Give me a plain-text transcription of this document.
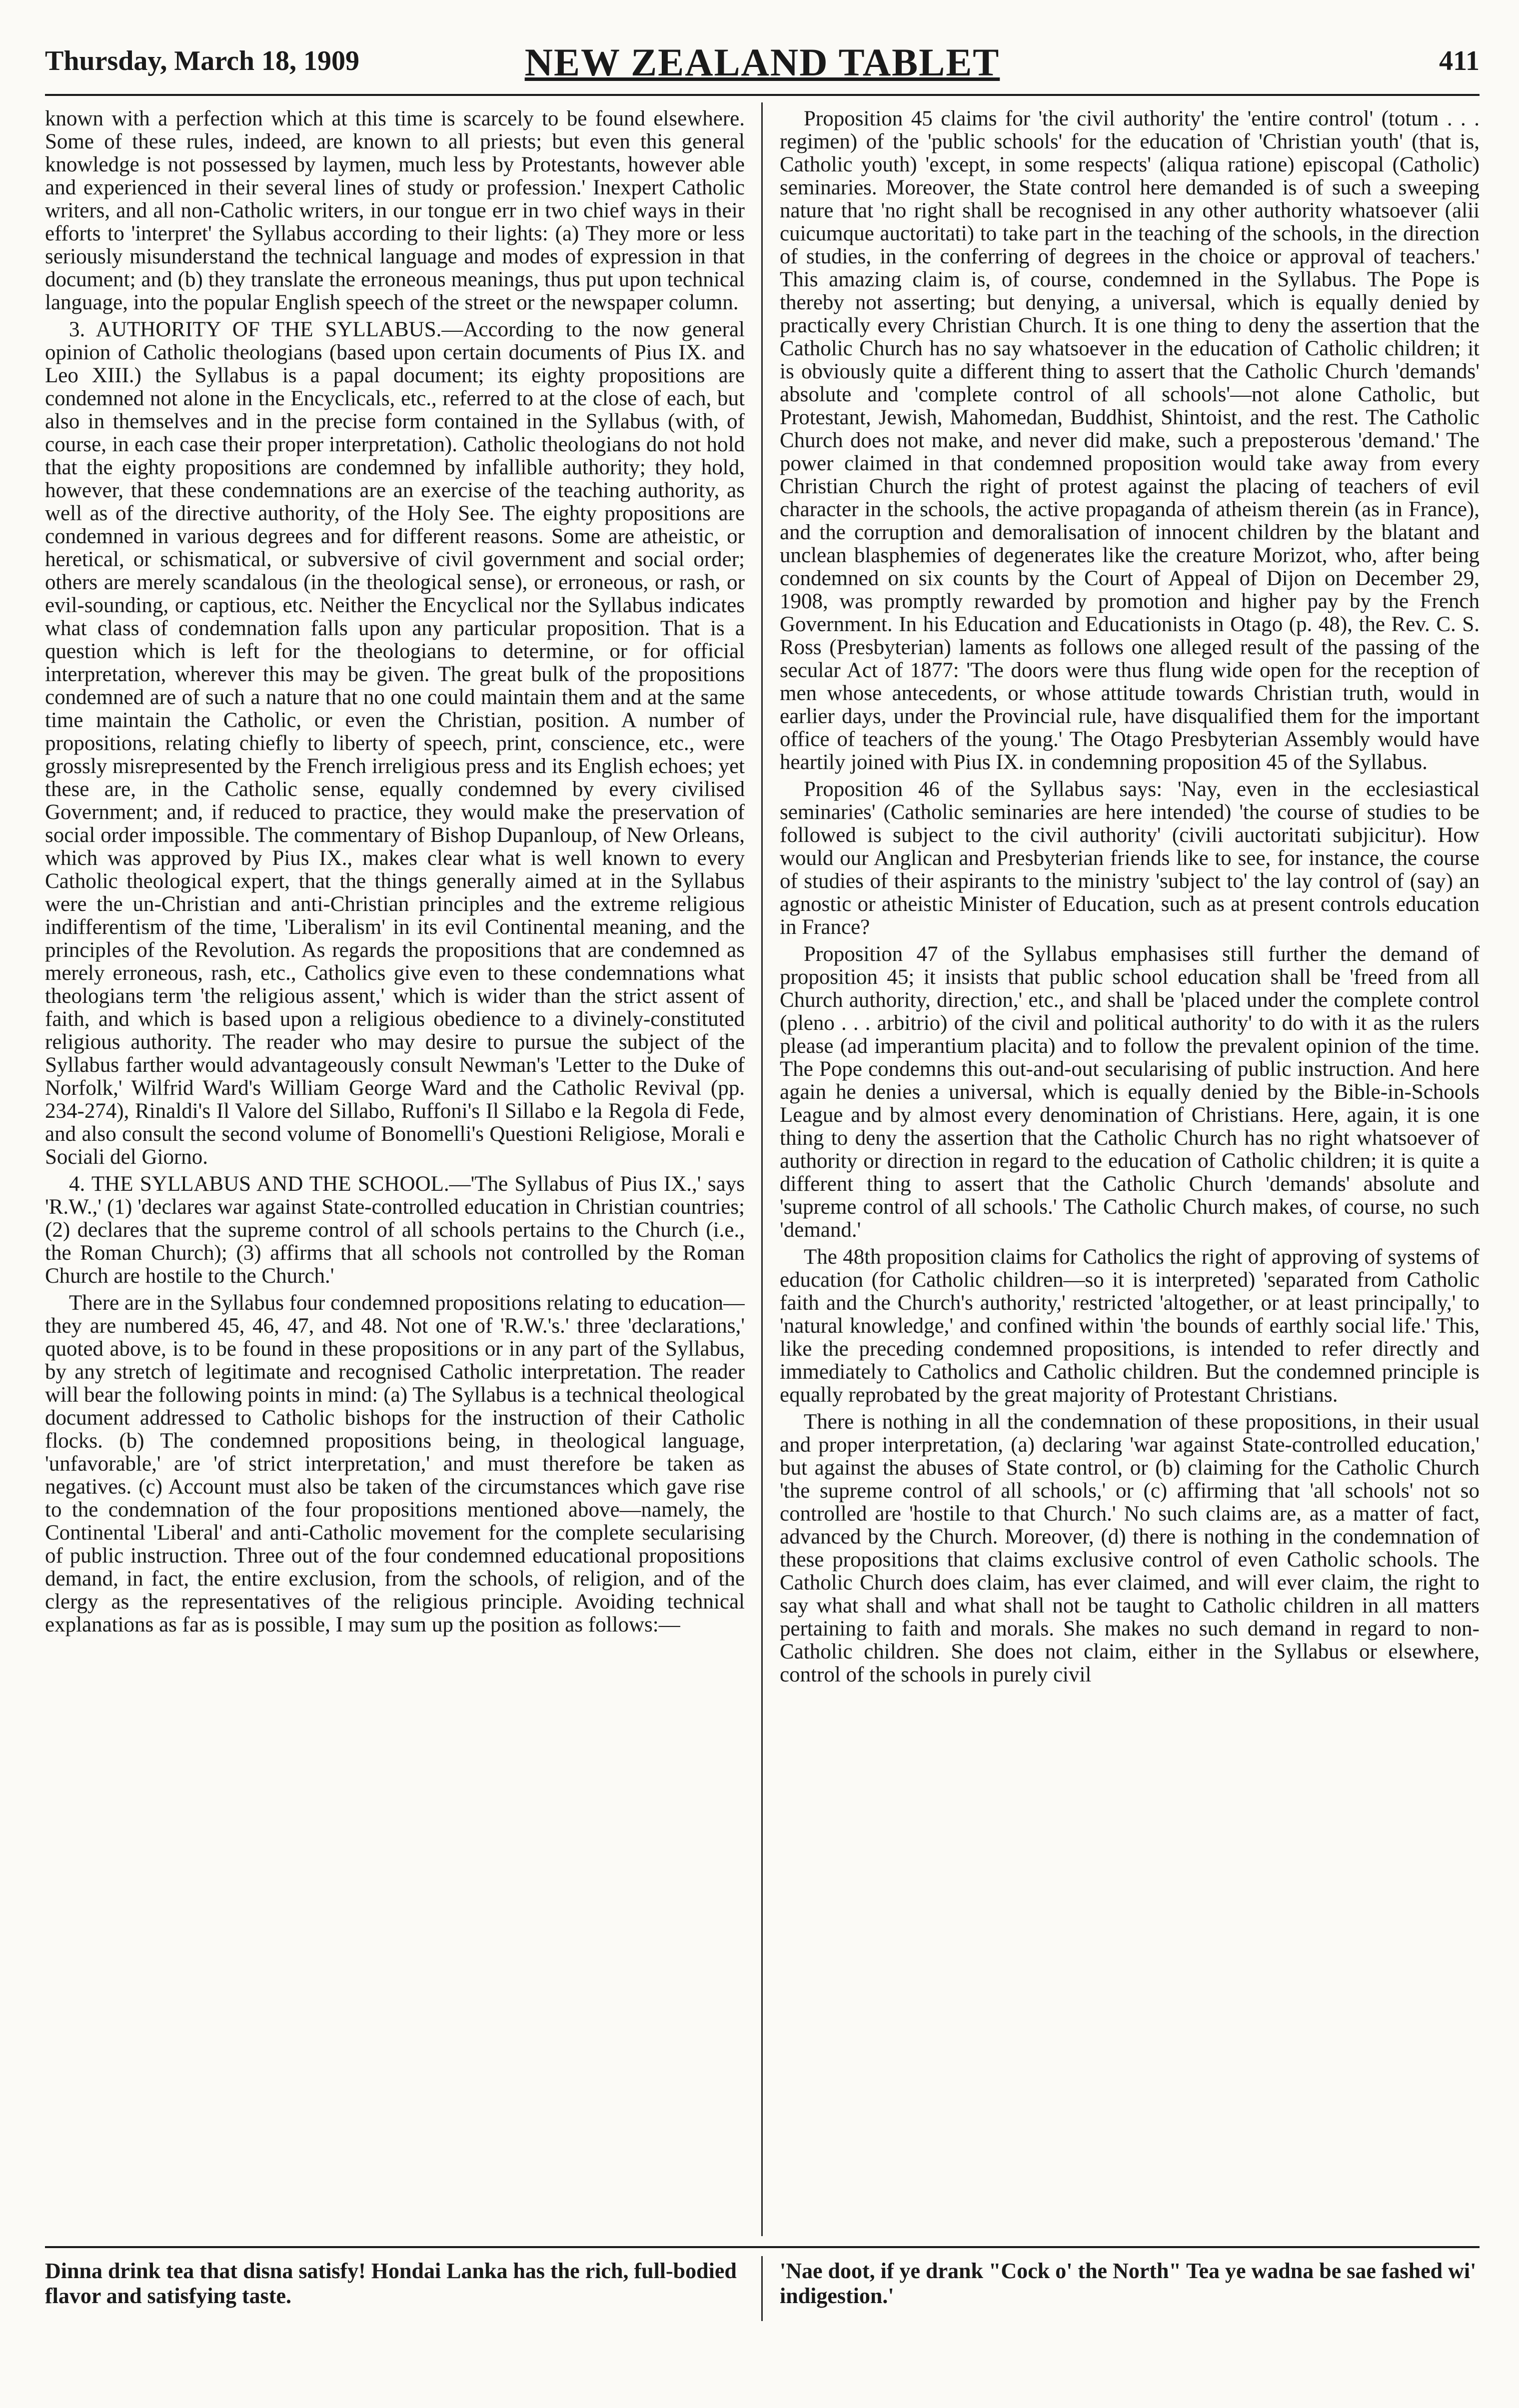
Thursday, March 18, 1909	NEW ZEALAND TABLET	411

known with a perfection which at this time is scarcely to be found elsewhere. Some of these rules, indeed, are known to all priests; but even this general knowledge is not possessed by laymen, much less by Protestants, however able and experienced in their several lines of study or profession.' Inexpert Catholic writers, and all non-Catholic writers, in our tongue err in two chief ways in their efforts to 'interpret' the Syllabus according to their lights: (a) They more or less seriously misunderstand the technical language and modes of expression in that document; and (b) they translate the erroneous meanings, thus put upon technical language, into the popular English speech of the street or the newspaper column.

3. AUTHORITY OF THE SYLLABUS.—According to the now general opinion of Catholic theologians (based upon certain documents of Pius IX. and Leo XIII.) the Syllabus is a papal document; its eighty propositions are condemned not alone in the Encyclicals, etc., referred to at the close of each, but also in themselves and in the precise form contained in the Syllabus (with, of course, in each case their proper interpretation). Catholic theologians do not hold that the eighty propositions are condemned by infallible authority; they hold, however, that these condemnations are an exercise of the teaching authority, as well as of the directive authority, of the Holy See. The eighty propositions are condemned in various degrees and for different reasons. Some are atheistic, or heretical, or schismatical, or subversive of civil government and social order; others are merely scandalous (in the theological sense), or erroneous, or rash, or evil-sounding, or captious, etc. Neither the Encyclical nor the Syllabus indicates what class of condemnation falls upon any particular proposition. That is a question which is left for the theologians to determine, or for official interpretation, wherever this may be given. The great bulk of the propositions condemned are of such a nature that no one could maintain them and at the same time maintain the Catholic, or even the Christian, position. A number of propositions, relating chiefly to liberty of speech, print, conscience, etc., were grossly misrepresented by the French irreligious press and its English echoes; yet these are, in the Catholic sense, equally condemned by every civilised Government; and, if reduced to practice, they would make the preservation of social order impossible. The commentary of Bishop Dupanloup, of New Orleans, which was approved by Pius IX., makes clear what is well known to every Catholic theological expert, that the things generally aimed at in the Syllabus were the un-Christian and anti-Christian principles and the extreme religious indifferentism of the time, 'Liberalism' in its evil Continental meaning, and the principles of the Revolution. As regards the propositions that are condemned as merely erroneous, rash, etc., Catholics give even to these condemnations what theologians term 'the religious assent,' which is wider than the strict assent of faith, and which is based upon a religious obedience to a divinely-constituted religious authority. The reader who may desire to pursue the subject of the Syllabus farther would advantageously consult Newman's 'Letter to the Duke of Norfolk,' Wilfrid Ward's William George Ward and the Catholic Revival (pp. 234-274), Rinaldi's Il Valore del Sillabo, Ruffoni's Il Sillabo e la Regola di Fede, and also consult the second volume of Bonomelli's Questioni Religiose, Morali e Sociali del Giorno.

4. THE SYLLABUS AND THE SCHOOL.—'The Syllabus of Pius IX.,' says 'R.W.,' (1) 'declares war against State-controlled education in Christian countries; (2) declares that the supreme control of all schools pertains to the Church (i.e., the Roman Church); (3) affirms that all schools not controlled by the Roman Church are hostile to the Church.'

There are in the Syllabus four condemned propositions relating to education—they are numbered 45, 46, 47, and 48. Not one of 'R.W.'s.' three 'declarations,' quoted above, is to be found in these propositions or in any part of the Syllabus, by any stretch of legitimate and recognised Catholic interpretation. The reader will bear the following points in mind: (a) The Syllabus is a technical theological document addressed to Catholic bishops for the instruction of their Catholic flocks. (b) The condemned propositions being, in theological language, 'unfavorable,' are 'of strict interpretation,' and must therefore be taken as negatives. (c) Account must also be taken of the circumstances which gave rise to the condemnation of the four propositions mentioned above—namely, the Continental 'Liberal' and anti-Catholic movement for the complete secularising of public instruction. Three out of the four condemned educational propositions demand, in fact, the entire exclusion, from the schools, of religion, and of the clergy as the representatives of the religious principle. Avoiding technical explanations as far as is possible, I may sum up the position as follows:—

Proposition 45 claims for 'the civil authority' the 'entire control' (totum . . . regimen) of the 'public schools' for the education of 'Christian youth' (that is, Catholic youth) 'except, in some respects' (aliqua ratione) episcopal (Catholic) seminaries. Moreover, the State control here demanded is of such a sweeping nature that 'no right shall be recognised in any other authority whatsoever (alii cuicumque auctoritati) to take part in the teaching of the schools, in the direction of studies, in the conferring of degrees in the choice or approval of teachers.' This amazing claim is, of course, condemned in the Syllabus. The Pope is thereby not asserting; but denying, a universal, which is equally denied by practically every Christian Church. It is one thing to deny the assertion that the Catholic Church has no say whatsoever in the education of Catholic children; it is obviously quite a different thing to assert that the Catholic Church 'demands' absolute and 'complete control of all schools'—not alone Catholic, but Protestant, Jewish, Mahomedan, Buddhist, Shintoist, and the rest. The Catholic Church does not make, and never did make, such a preposterous 'demand.' The power claimed in that condemned proposition would take away from every Christian Church the right of protest against the placing of teachers of evil character in the schools, the active propaganda of atheism therein (as in France), and the corruption and demoralisation of innocent children by the blatant and unclean blasphemies of degenerates like the creature Morizot, who, after being condemned on six counts by the Court of Appeal of Dijon on December 29, 1908, was promptly rewarded by promotion and higher pay by the French Government. In his Education and Educationists in Otago (p. 48), the Rev. C. S. Ross (Presbyterian) laments as follows one alleged result of the passing of the secular Act of 1877: 'The doors were thus flung wide open for the reception of men whose antecedents, or whose attitude towards Christian truth, would in earlier days, under the Provincial rule, have disqualified them for the important office of teachers of the young.' The Otago Presbyterian Assembly would have heartily joined with Pius IX. in condemning proposition 45 of the Syllabus.

Proposition 46 of the Syllabus says: 'Nay, even in the ecclesiastical seminaries' (Catholic seminaries are here intended) 'the course of studies to be followed is subject to the civil authority' (civili auctoritati subjicitur). How would our Anglican and Presbyterian friends like to see, for instance, the course of studies of their aspirants to the ministry 'subject to' the lay control of (say) an agnostic or atheistic Minister of Education, such as at present controls education in France?

Proposition 47 of the Syllabus emphasises still further the demand of proposition 45; it insists that public school education shall be 'freed from all Church authority, direction,' etc., and shall be 'placed under the complete control (pleno . . . arbitrio) of the civil and political authority' to do with it as the rulers please (ad imperantium placita) and to follow the prevalent opinion of the time. The Pope condemns this out-and-out secularising of public instruction. And here again he denies a universal, which is equally denied by the Bible-in-Schools League and by almost every denomination of Christians. Here, again, it is one thing to deny the assertion that the Catholic Church has no right whatsoever of authority or direction in regard to the education of Catholic children; it is quite a different thing to assert that the Catholic Church 'demands' absolute and 'supreme control of all schools.' The Catholic Church makes, of course, no such 'demand.'

The 48th proposition claims for Catholics the right of approving of systems of education (for Catholic children—so it is interpreted) 'separated from Catholic faith and the Church's authority,' restricted 'altogether, or at least principally,' to 'natural knowledge,' and confined within 'the bounds of earthly social life.' This, like the preceding condemned propositions, is intended to refer directly and immediately to Catholics and Catholic children. But the condemned principle is equally reprobated by the great majority of Protestant Christians.

There is nothing in all the condemnation of these propositions, in their usual and proper interpretation, (a) declaring 'war against State-controlled education,' but against the abuses of State control, or (b) claiming for the Catholic Church 'the supreme control of all schools,' or (c) affirming that 'all schools' not so controlled are 'hostile to that Church.' No such claims are, as a matter of fact, advanced by the Church. Moreover, (d) there is nothing in the condemnation of these propositions that claims exclusive control of even Catholic schools. The Catholic Church does claim, has ever claimed, and will ever claim, the right to say what shall and what shall not be taught to Catholic children in all matters pertaining to faith and morals. She makes no such demand in regard to non-Catholic children. She does not claim, either in the Syllabus or elsewhere, control of the schools in purely civil

Dinna drink tea that disna satisfy! Hondai Lanka has the rich, full-bodied flavor and satisfying taste.
'Nae doot, if ye drank "Cock o' the North" Tea ye wadna be sae fashed wi' indigestion.'
